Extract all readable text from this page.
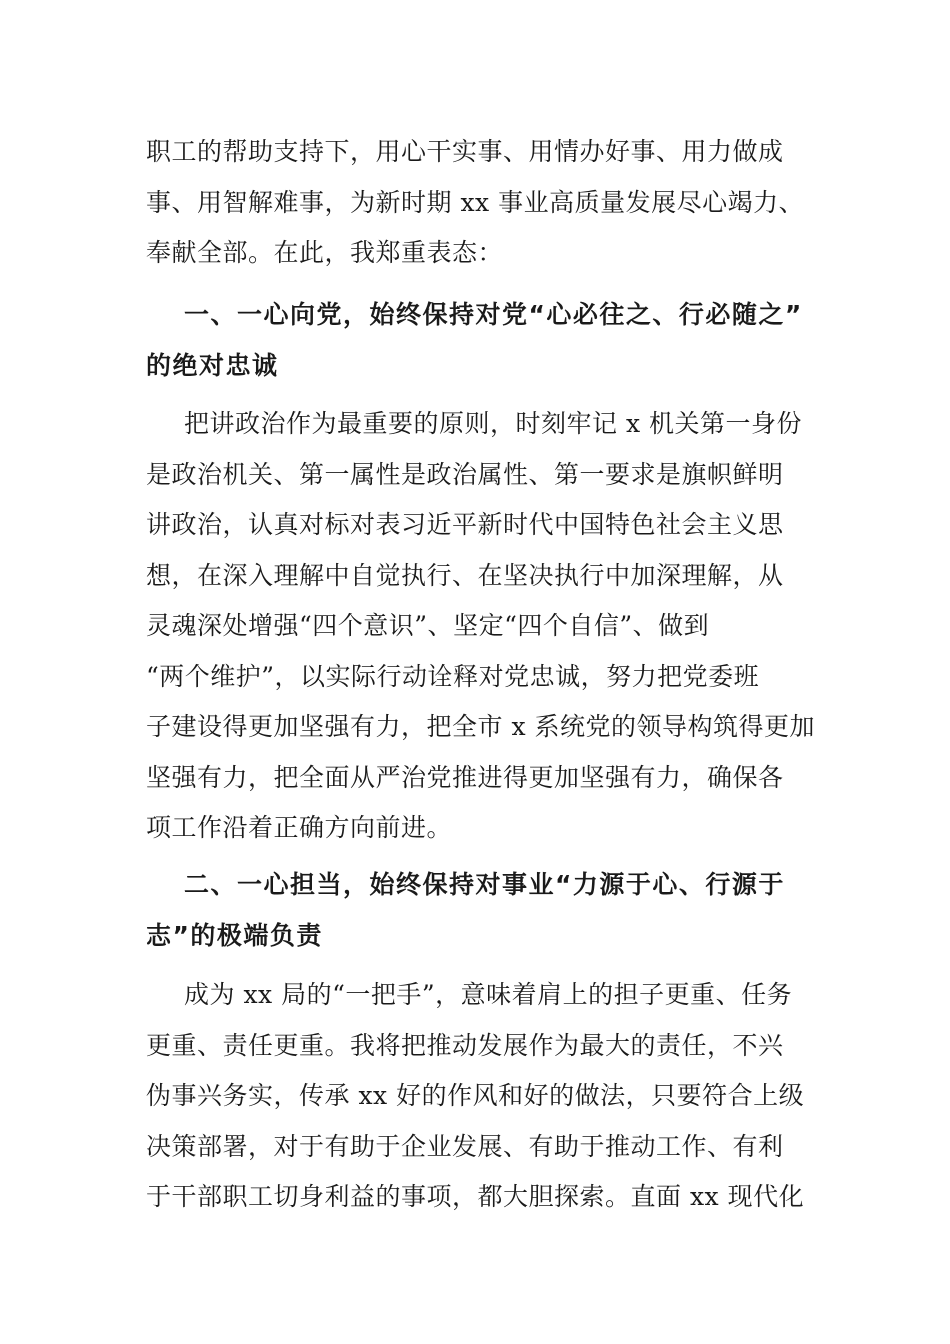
职工的帮助支持下，用心干实事、用情办好事、用力做成
事、用智解难事，为新时期 xx 事业高质量发展尽心竭力、
奉献全部。在此，我郑重表态：
一、一心向党，始终保持对党“心必往之、行必随之”
的绝对忠诚
把讲政治作为最重要的原则，时刻牢记 x 机关第一身份
是政治机关、第一属性是政治属性、第一要求是旗帜鲜明
讲政治，认真对标对表习近平新时代中国特色社会主义思
想，在深入理解中自觉执行、在坚决执行中加深理解，从
灵魂深处增强“四个意识”、坚定“四个自信”、做到
“两个维护”，以实际行动诠释对党忠诚，努力把党委班
子建设得更加坚强有力，把全市 x 系统党的领导构筑得更加
坚强有力，把全面从严治党推进得更加坚强有力，确保各
项工作沿着正确方向前进。
二、一心担当，始终保持对事业“力源于心、行源于
志”的极端负责
成为 xx 局的“一把手”，意味着肩上的担子更重、任务
更重、责任更重。我将把推动发展作为最大的责任，不兴
伪事兴务实，传承 xx 好的作风和好的做法，只要符合上级
决策部署，对于有助于企业发展、有助于推动工作、有利
于干部职工切身利益的事项，都大胆探索。直面 xx 现代化
